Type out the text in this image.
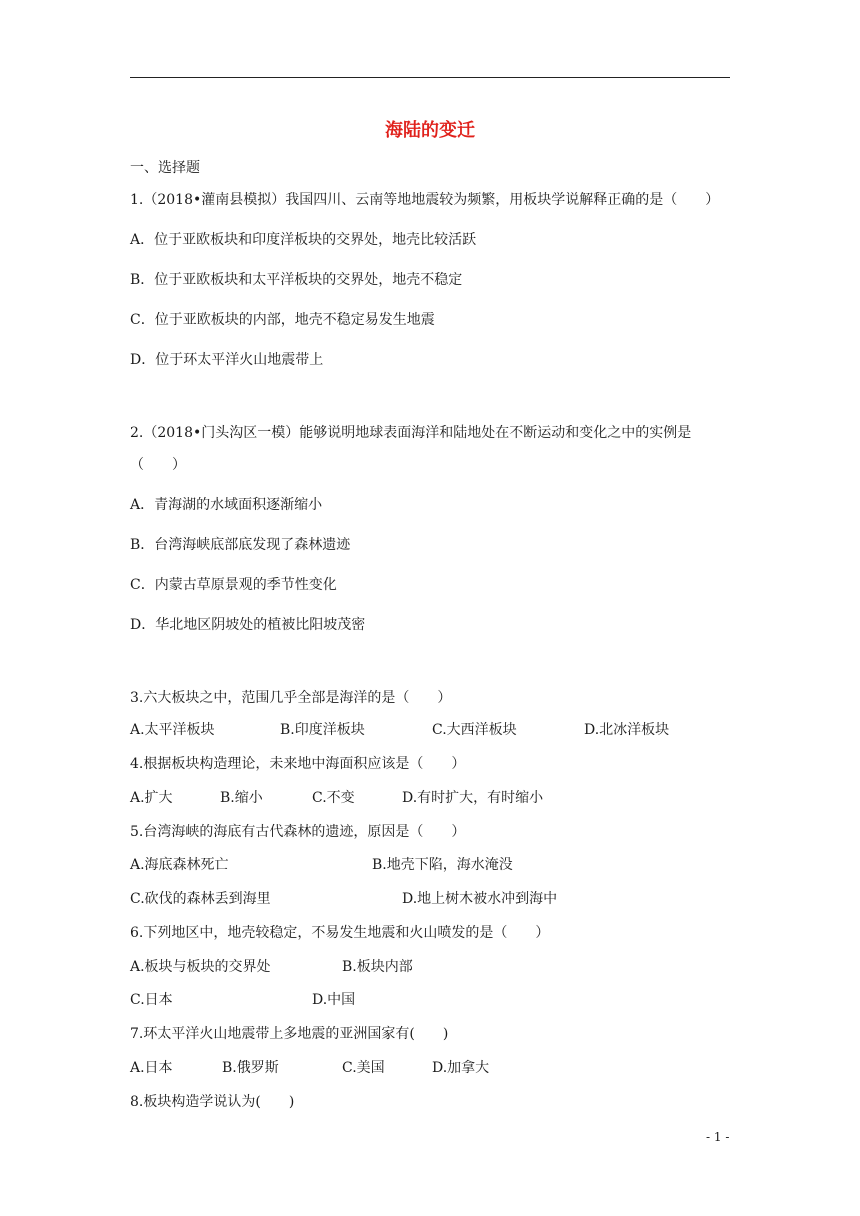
海陆的变迁
一、选择题
1.（2018•灌南县模拟）我国四川、云南等地地震较为频繁，用板块学说解释正确的是（　　）
A．位于亚欧板块和印度洋板块的交界处，地壳比较活跃
B．位于亚欧板块和太平洋板块的交界处，地壳不稳定
C．位于亚欧板块的内部，地壳不稳定易发生地震
D．位于环太平洋火山地震带上
2.（2018•门头沟区一模）能够说明地球表面海洋和陆地处在不断运动和变化之中的实例是
（　　）
A．青海湖的水域面积逐渐缩小
B．台湾海峡底部底发现了森林遗迹
C．内蒙古草原景观的季节性变化
D．华北地区阴坡处的植被比阳坡茂密
3.六大板块之中，范围几乎全部是海洋的是（　　）
A.太平洋板块	B.印度洋板块	C.大西洋板块	D.北冰洋板块
4.根据板块构造理论，未来地中海面积应该是（　　）
A.扩大	B.缩小	C.不变	D.有时扩大，有时缩小
5.台湾海峡的海底有古代森林的遗迹，原因是（　　）
A.海底森林死亡	B.地壳下陷，海水淹没
C.砍伐的森林丢到海里	D.地上树木被水冲到海中
6.下列地区中，地壳较稳定，不易发生地震和火山喷发的是（　　）
A.板块与板块的交界处	B.板块内部
C.日本	D.中国
7.环太平洋火山地震带上多地震的亚洲国家有(　　)
A.日本	B.俄罗斯	C.美国	D.加拿大
8.板块构造学说认为(　　)
- 1 -
